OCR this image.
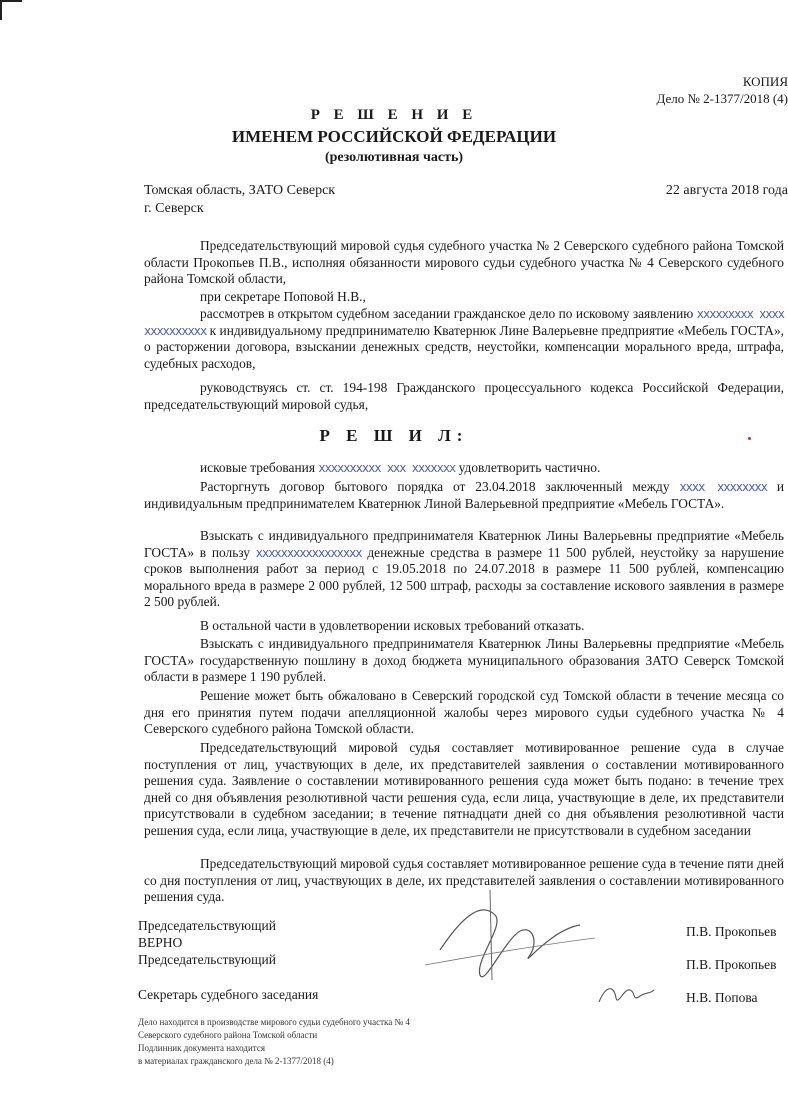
КОПИЯ
Дело № 2-1377/2018 (4)
Р Е Ш Е Н И Е
ИМЕНЕМ РОССИЙСКОЙ ФЕДЕРАЦИИ
(резолютивная часть)
Томская область, ЗАТО Северск
г. Северск
22 августа 2018 года
Председательствующий мировой судья судебного участка № 2 Северского судебного района Томской области Прокопьев П.В., исполняя обязанности мирового судьи судебного участка № 4 Северского судебного района Томской области,
при секретаре Поповой Н.В.,
рассмотрев в открытом судебном заседании гражданское дело по исковому заявлению ххххххххх хххх хххххххххх к индивидуальному предпринимателю Кватернюк Лине Валерьевне предприятие «Мебель ГОСТА», о расторжении договора, взыскании денежных средств, неустойки, компенсации морального вреда, штрафа, судебных расходов,
руководствуясь ст. ст. 194-198 Гражданского процессуального кодекса Российской Федерации, председательствующий мировой судья,
Р Е Ш И Л:
исковые требования хххххххххх ххх ххххххх удовлетворить частично.
Расторгнуть договор бытового порядка от 23.04.2018 заключенный между хххх хххххххх и индивидуальным предпринимателем Кватернюк Линой Валерьевной предприятие «Мебель ГОСТА».
Взыскать с индивидуального предпринимателя Кватернюк Лины Валерьевны предприятие «Мебель ГОСТА» в пользу ххххххххххххххххх денежные средства в размере 11 500 рублей, неустойку за нарушение сроков выполнения работ за период с 19.05.2018 по 24.07.2018 в размере 11 500 рублей, компенсацию морального вреда в размере 2 000 рублей, 12 500 штраф, расходы за составление искового заявления в размере 2 500 рублей.
В остальной части в удовлетворении исковых требований отказать.
Взыскать с индивидуального предпринимателя Кватернюк Лины Валерьевны предприятие «Мебель ГОСТА» государственную пошлину в доход бюджета муниципального образования ЗАТО Северск Томской области в размере 1 190 рублей.
Решение может быть обжаловано в Северский городской суд Томской области в течение месяца со дня его принятия путем подачи апелляционной жалобы через мирового судьи судебного участка № 4 Северского судебного района Томской области.
Председательствующий мировой судья составляет мотивированное решение суда в случае поступления от лиц, участвующих в деле, их представителей заявления о составлении мотивированного решения суда. Заявление о составлении мотивированного решения суда может быть подано: в течение трех дней со дня объявления резолютивной части решения суда, если лица, участвующие в деле, их представители присутствовали в судебном заседании; в течение пятнадцати дней со дня объявления резолютивной части решения суда, если лица, участвующие в деле, их представители не присутствовали в судебном заседании
Председательствующий мировой судья составляет мотивированное решение суда в течение пяти дней со дня поступления от лиц, участвующих в деле, их представителей заявления о составлении мотивированного решения суда.
Председательствующий
ВЕРНО
Председательствующий
П.В. Прокопьев
П.В. Прокопьев
Секретарь судебного заседания	Н.В. Попова
Дело находится в производстве мирового судьи судебного участка № 4
Северского судебного района Томской области
Подлинник документа находится
в материалах гражданского дела № 2-1377/2018 (4)
